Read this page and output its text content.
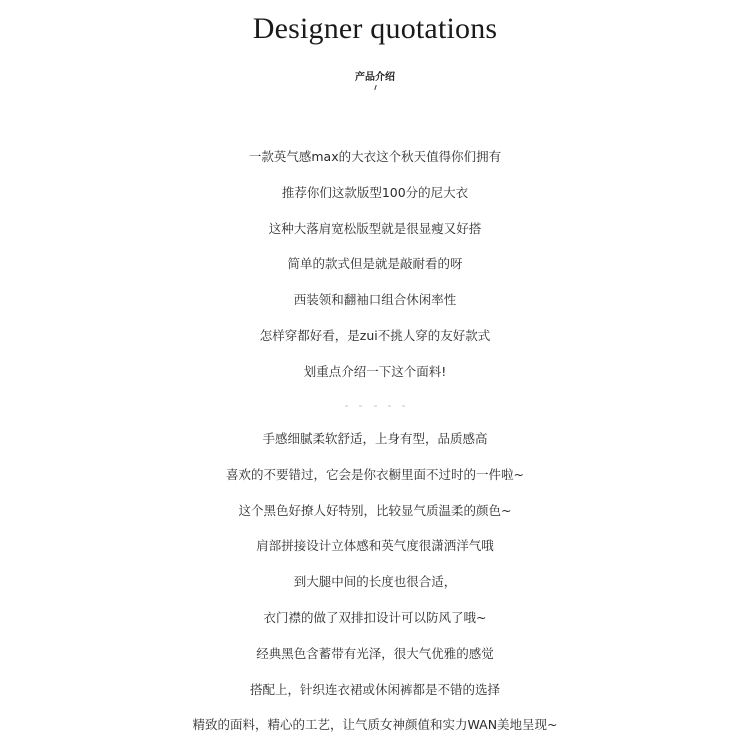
Designer quotations
产品介绍
一款英气感max的大衣这个秋天值得你们拥有
推荐你们这款版型100分的尼大衣
这种大落肩宽松版型就是很显瘦又好搭
简单的款式但是就是敲耐看的呀
西装领和翻袖口组合休闲率性
怎样穿都好看，是zui不挑人穿的友好款式
划重点介绍一下这个面料!
手感细腻柔软舒适，上身有型，品质感高
喜欢的不要错过，它会是你衣橱里面不过时的一件啦~
这个黑色好撩人好特别，比较显气质温柔的颜色~
肩部拼接设计立体感和英气度很潇洒洋气哦
到大腿中间的长度也很合适，
衣门襟的做了双排扣设计可以防风了哦~
经典黑色含蓄带有光泽，很大气优雅的感觉
搭配上，针织连衣裙或休闲裤都是不错的选择
精致的面料，精心的工艺，让气质女神颜值和实力WAN美地呈现~
